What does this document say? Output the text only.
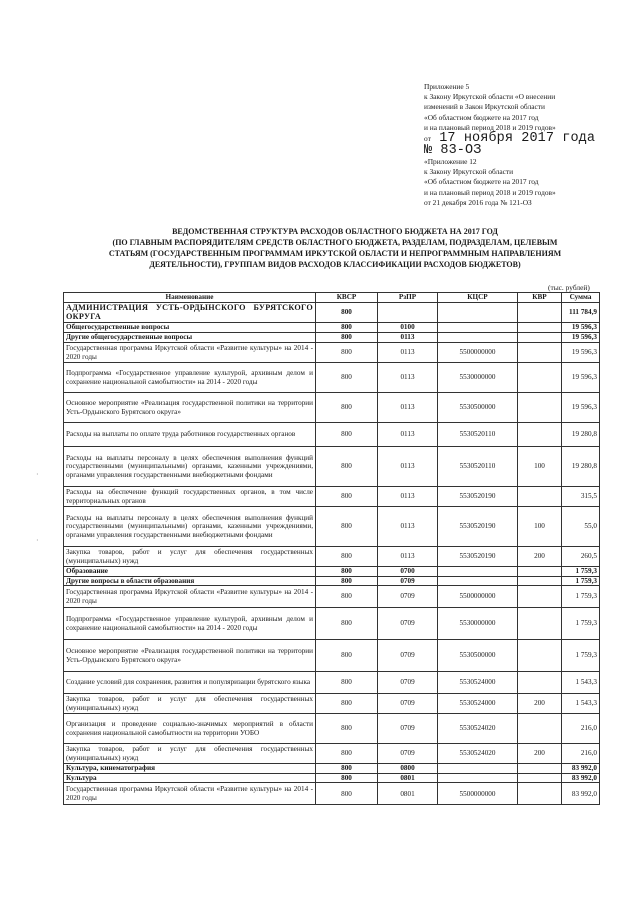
Приложение 5
к Закону Иркутской области «О внесении
изменений в Закон Иркутской области
«Об областном бюджете на 2017 год
и на плановый период 2018 и 2019 годов»
от 17 ноября 2017 года
№ 83-ОЗ
«Приложение 12
к Закону Иркутской области
«Об областном бюджете на 2017 год
и на плановый период 2018 и 2019 годов»
от 21 декабря 2016 года № 121-ОЗ
ВЕДОМСТВЕННАЯ СТРУКТУРА РАСХОДОВ ОБЛАСТНОГО БЮДЖЕТА НА 2017 ГОД
(ПО ГЛАВНЫМ РАСПОРЯДИТЕЛЯМ СРЕДСТВ ОБЛАСТНОГО БЮДЖЕТА, РАЗДЕЛАМ, ПОДРАЗДЕЛАМ, ЦЕЛЕВЫМ
СТАТЬЯМ (ГОСУДАРСТВЕННЫМ ПРОГРАММАМ ИРКУТСКОЙ ОБЛАСТИ И НЕПРОГРАММНЫМ НАПРАВЛЕНИЯМ
ДЕЯТЕЛЬНОСТИ), ГРУППАМ ВИДОВ РАСХОДОВ КЛАССИФИКАЦИИ РАСХОДОВ БЮДЖЕТОВ)
(тыс. рублей)
Наименование	КВСР	РзПР	КЦСР	КВР	Сумма
АДМИНИСТРАЦИЯ УСТЬ-ОРДЫНСКОГО БУРЯТСКОГО ОКРУГА	800				111 784,9
Общегосударственные вопросы	800	0100			19 596,3
Другие общегосударственные вопросы	800	0113			19 596,3
Государственная программа Иркутской области «Развитие культуры» на 2014 - 2020 годы	800	0113	5500000000		19 596,3
Подпрограмма «Государственное управление культурой, архивным делом и сохранение национальной самобытности» на 2014 - 2020 годы	800	0113	5530000000		19 596,3
Основное мероприятие «Реализация государственной политики на территории Усть-Ордынского Бурятского округа»	800	0113	5530500000		19 596,3
Расходы на выплаты по оплате труда работников государственных органов	800	0113	5530520110		19 280,8
Расходы на выплаты персоналу в целях обеспечения выполнения функций государственными (муниципальными) органами, казенными учреждениями, органами управления государственными внебюджетными фондами	800	0113	5530520110	100	19 280,8
Расходы на обеспечение функций государственных органов, в том числе территориальных органов	800	0113	5530520190		315,5
Расходы на выплаты персоналу в целях обеспечения выполнения функций государственными (муниципальными) органами, казенными учреждениями, органами управления государственными внебюджетными фондами	800	0113	5530520190	100	55,0
Закупка товаров, работ и услуг для обеспечения государственных (муниципальных) нужд	800	0113	5530520190	200	260,5
Образование	800	0700			1 759,3
Другие вопросы в области образования	800	0709			1 759,3
Государственная программа Иркутской области «Развитие культуры» на 2014 - 2020 годы	800	0709	5500000000		1 759,3
Подпрограмма «Государственное управление культурой, архивным делом и сохранение национальной самобытности» на 2014 - 2020 годы	800	0709	5530000000		1 759,3
Основное мероприятие «Реализация государственной политики на территории Усть-Ордынского Бурятского округа»	800	0709	5530500000		1 759,3
Создание условий для сохранения, развития и популяризации бурятского языка	800	0709	5530524000		1 543,3
Закупка товаров, работ и услуг для обеспечения государственных (муниципальных) нужд	800	0709	5530524000	200	1 543,3
Организация и проведение социально-значимых мероприятий в области сохранения национальной самобытности на территории УОБО	800	0709	5530524020		216,0
Закупка товаров, работ и услуг для обеспечения государственных (муниципальных) нужд	800	0709	5530524020	200	216,0
Культура, кинематография	800	0800			83 992,0
Культура	800	0801			83 992,0
Государственная программа Иркутской области «Развитие культуры» на 2014 - 2020 годы	800	0801	5500000000		83 992,0
·
·
